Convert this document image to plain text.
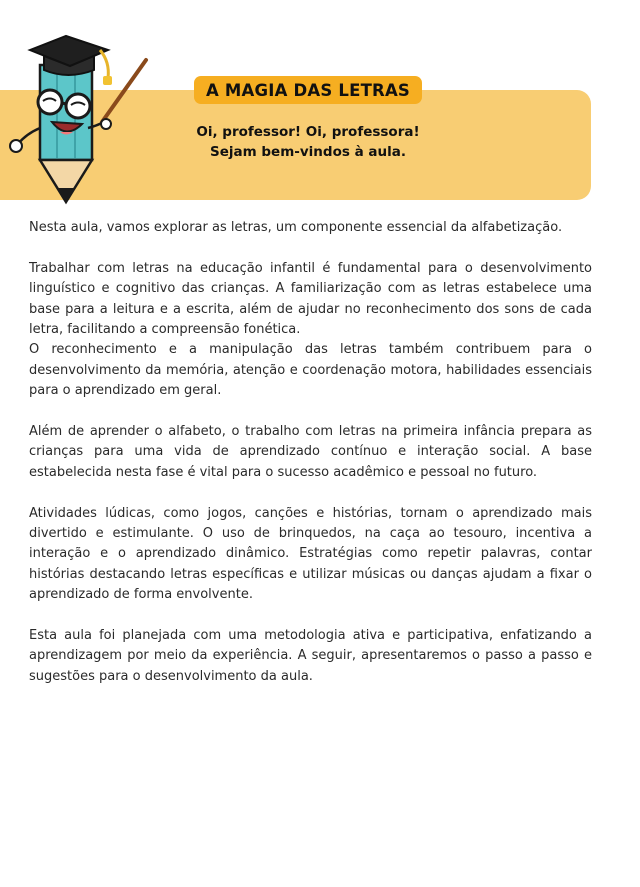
A MAGIA DAS LETRAS
Oi, professor! Oi, professora!
Sejam bem-vindos à aula.

Nesta aula, vamos explorar as letras, um componente essencial da alfabetização.

Trabalhar com letras na educação infantil é fundamental para o desenvolvimento linguístico e cognitivo das crianças. A familiarização com as letras estabelece uma base para a leitura e a escrita, além de ajudar no reconhecimento dos sons de cada letra, facilitando a compreensão fonética.

O reconhecimento e a manipulação das letras também contribuem para o desenvolvimento da memória, atenção e coordenação motora, habilidades essenciais para o aprendizado em geral.

Além de aprender o alfabeto, o trabalho com letras na primeira infância prepara as crianças para uma vida de aprendizado contínuo e interação social. A base estabelecida nesta fase é vital para o sucesso acadêmico e pessoal no futuro.

Atividades lúdicas, como jogos, canções e histórias, tornam o aprendizado mais divertido e estimulante. O uso de brinquedos, na caça ao tesouro, incentiva a interação e o aprendizado dinâmico. Estratégias como repetir palavras, contar histórias destacando letras específicas e utilizar músicas ou danças ajudam a fixar o aprendizado de forma envolvente.

Esta aula foi planejada com uma metodologia ativa e participativa, enfatizando a aprendizagem por meio da experiência. A seguir, apresentaremos o passo a passo e sugestões para o desenvolvimento da aula.
